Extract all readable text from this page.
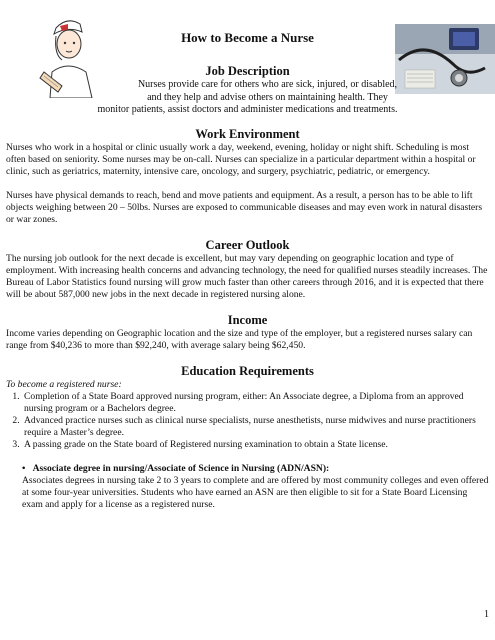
How to Become a Nurse
Job Description

Nurses provide care for others who are sick, injured, or disabled,

and they help and advise others on maintaining health. They

monitor patients, assist doctors and administer medications and treatments.

Work Environment

Nurses who work in a hospital or clinic usually work a day, weekend, evening, holiday or night shift. Scheduling is most often based on seniority. Some nurses may be on-call. Nurses can specialize in a particular department within a hospital or clinic, such as geriatrics, maternity, intensive care, oncology, and surgery, psychiatric, pediatric, or emergency.

Nurses have physical demands to reach, bend and move patients and equipment. As a result, a person has to be able to lift objects weighing between 20 – 50lbs. Nurses are exposed to communicable diseases and may even work in natural disasters or war zones.

Career Outlook

The nursing job outlook for the next decade is excellent, but may vary depending on geographic location and type of employment. With increasing health concerns and advancing technology, the need for qualified nurses steadily increases. The Bureau of Labor Statistics found nursing will grow much faster than other careers through 2016, and it is expected that there will be about 587,000 new jobs in the next decade in registered nursing alone.

Income

Income varies depending on Geographic location and the size and type of the employer, but a registered nurses salary can range from $40,236 to more than $92,240, with average salary being $62,450.

Education Requirements

To become a registered nurse:

1. Completion of a State Board approved nursing program, either: An Associate degree, a Diploma from an approved nursing program or a Bachelors degree.
2. Advanced practice nurses such as clinical nurse specialists, nurse anesthetists, nurse midwives and nurse practitioners require a Master’s degree.
3. A passing grade on the State board of Registered nursing examination to obtain a State license.

•   Associate degree in nursing/Associate of Science in Nursing (ADN/ASN):

Associates degrees in nursing take 2 to 3 years to complete and are offered by most community colleges and even offered at some four-year universities. Students who have earned an ASN are then eligible to sit for a State Board Licensing exam and apply for a license as a registered nurse.

1
